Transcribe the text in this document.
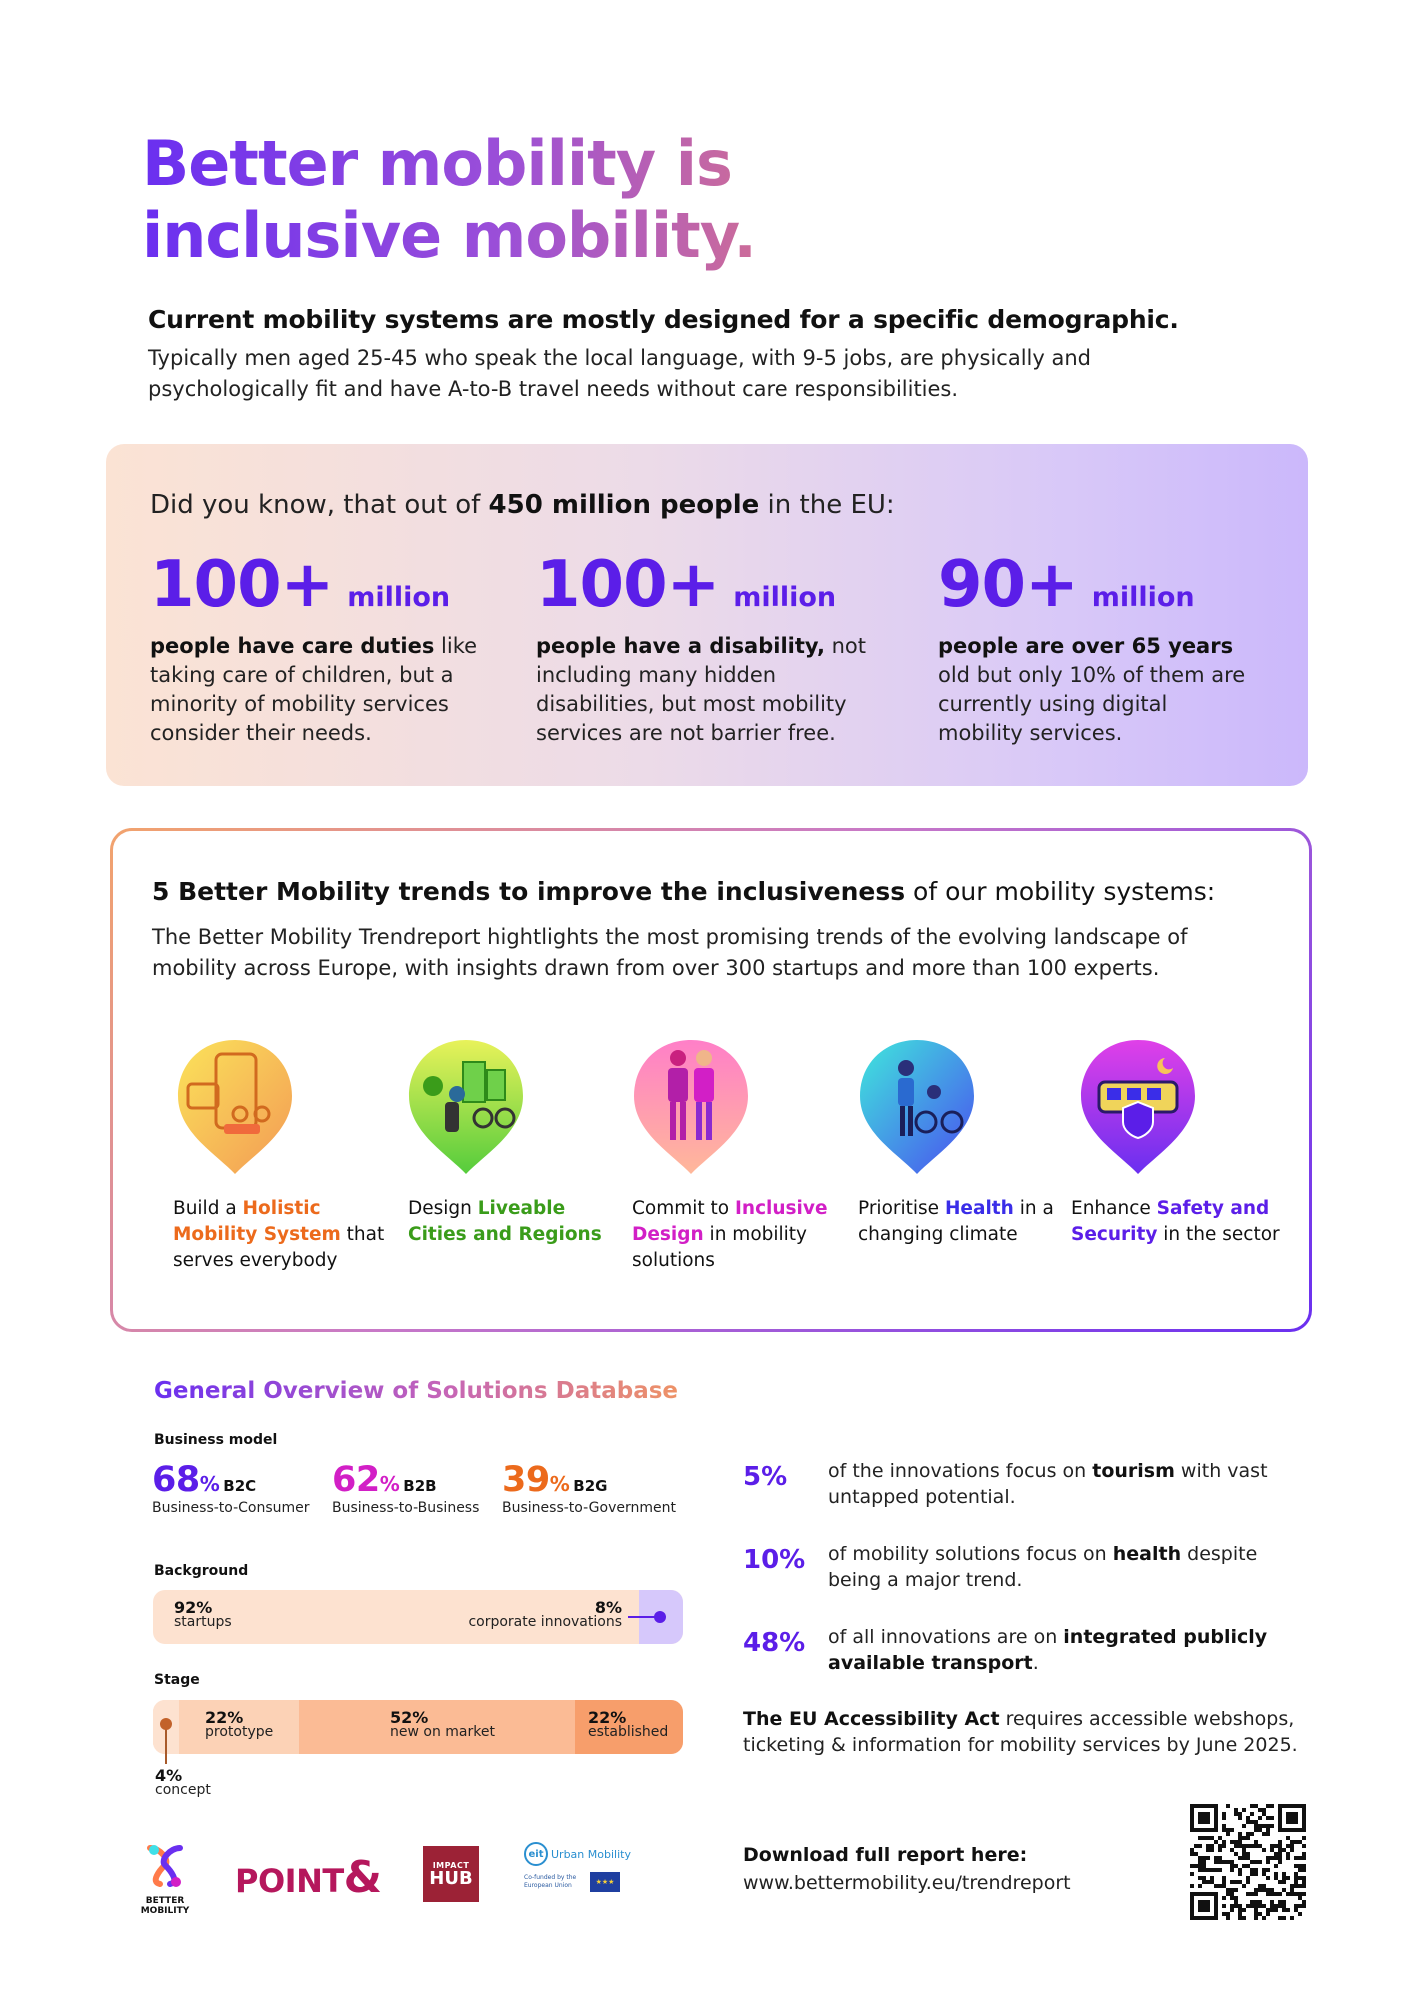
Better mobility is
inclusive mobility.
Current mobility systems are mostly designed for a specific demographic.
Typically men aged 25-45 who speak the local language, with 9-5 jobs, are physically and psychologically fit and have A-to-B travel needs without care responsibilities.
Did you know, that out of 450 million people in the EU:
100+ million
people have care duties like taking care of children, but a minority of mobility services consider their needs.
100+ million
people have a disability, not including many hidden disabilities, but most mobility services are not barrier free.
90+ million
people are over 65 years old but only 10% of them are currently using digital mobility services.
5 Better Mobility trends to improve the inclusiveness of our mobility systems:
The Better Mobility Trendreport hightlights the most promising trends of the evolving landscape of mobility across Europe, with insights drawn from over 300 startups and more than 100 experts.
Build a Holistic Mobility System that serves everybody
Design Liveable Cities and Regions
Commit to Inclusive Design in mobility solutions
Prioritise Health in a changing climate
Enhance Safety and Security in the sector
General Overview of Solutions Database
Business model
68 % B2C
Business-to-Consumer
62 % B2B
Business-to-Business
39 % B2G
Business-to-Government
Background
92%
startups
8%
corporate innovations
Stage
22%
prototype
52%
new on market
22%
established
4%
concept
5% of the innovations focus on tourism with vast untapped potential.
10% of mobility solutions focus on health despite being a major trend.
48% of all innovations are on integrated publicly available transport.
The EU Accessibility Act requires accessible webshops, ticketing & information for mobility services by June 2025.
Download full report here:
www.bettermobility.eu/trendreport
BETTER MOBILITY
POINT &	IMPACT
HUB
eit Urban Mobility
Co-funded by the European Union	★★★
